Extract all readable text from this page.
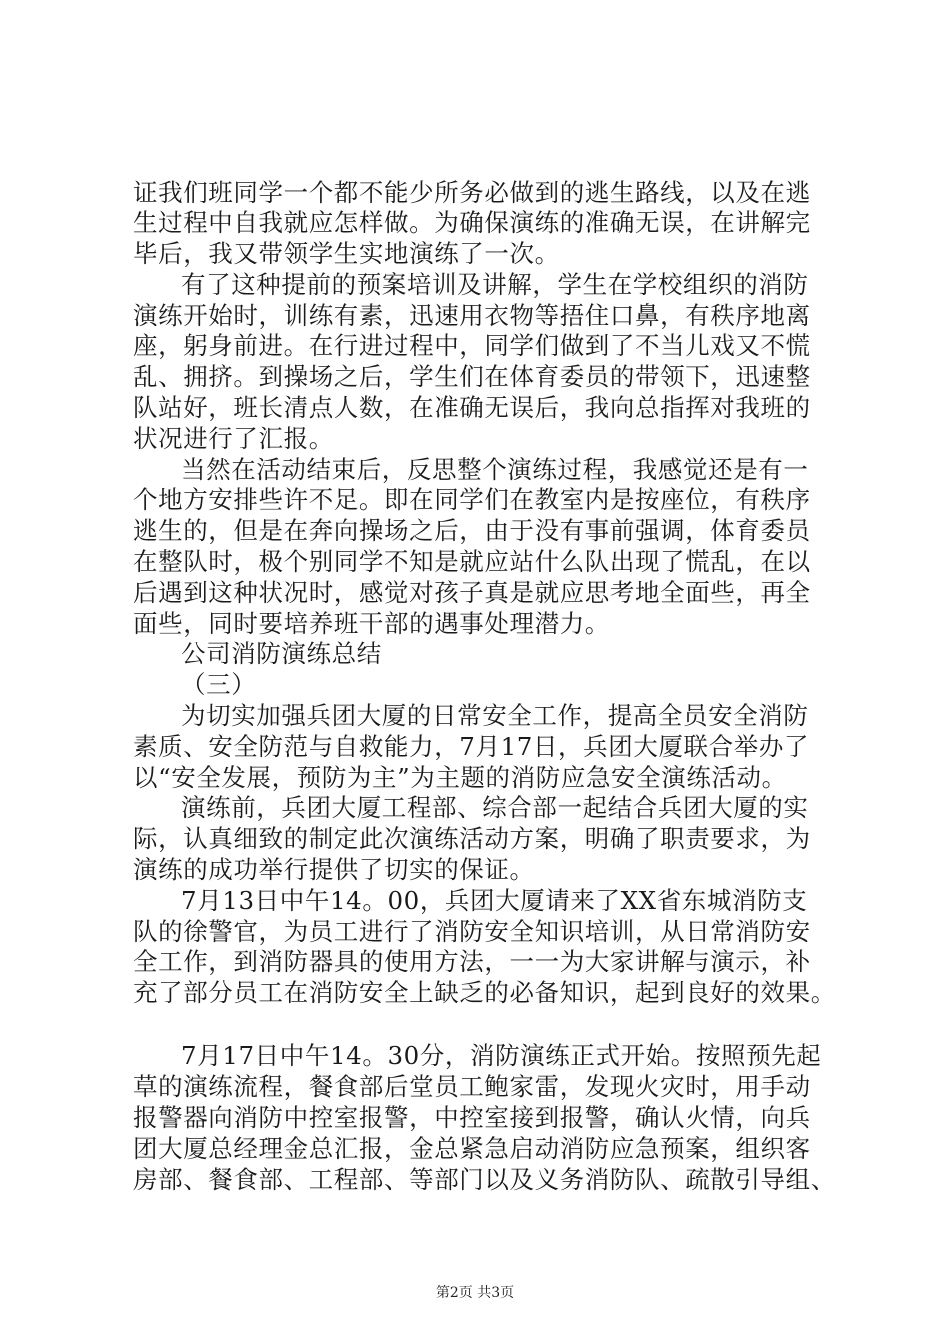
证我们班同学一个都不能少所务必做到的逃生路线，以及在逃
生过程中自我就应怎样做。为确保演练的准确无误，在讲解完
毕后，我又带领学生实地演练了一次。
有了这种提前的预案培训及讲解，学生在学校组织的消防
演练开始时，训练有素，迅速用衣物等捂住口鼻，有秩序地离
座，躬身前进。在行进过程中，同学们做到了不当儿戏又不慌
乱、拥挤。到操场之后，学生们在体育委员的带领下，迅速整
队站好，班长清点人数，在准确无误后，我向总指挥对我班的
状况进行了汇报。
当然在活动结束后，反思整个演练过程，我感觉还是有一
个地方安排些许不足。即在同学们在教室内是按座位，有秩序
逃生的，但是在奔向操场之后，由于没有事前强调，体育委员
在整队时，极个别同学不知是就应站什么队出现了慌乱，在以
后遇到这种状况时，感觉对孩子真是就应思考地全面些，再全
面些，同时要培养班干部的遇事处理潜力。
公司消防演练总结
（三）
为切实加强兵团大厦的日常安全工作，提高全员安全消防
素质、安全防范与自救能力，7月17日，兵团大厦联合举办了
以“安全发展，预防为主”为主题的消防应急安全演练活动。
演练前，兵团大厦工程部、综合部一起结合兵团大厦的实
际，认真细致的制定此次演练活动方案，明确了职责要求，为
演练的成功举行提供了切实的保证。
7月13日中午14。00，兵团大厦请来了XX省东城消防支
队的徐警官，为员工进行了消防安全知识培训，从日常消防安
全工作，到消防器具的使用方法，一一为大家讲解与演示，补
充了部分员工在消防安全上缺乏的必备知识，起到良好的效果。
7月17日中午14。30分，消防演练正式开始。按照预先起
草的演练流程，餐食部后堂员工鲍家雷，发现火灾时，用手动
报警器向消防中控室报警，中控室接到报警，确认火情，向兵
团大厦总经理金总汇报，金总紧急启动消防应急预案，组织客
房部、餐食部、工程部、等部门以及义务消防队、疏散引导组、
第2页 共3页
